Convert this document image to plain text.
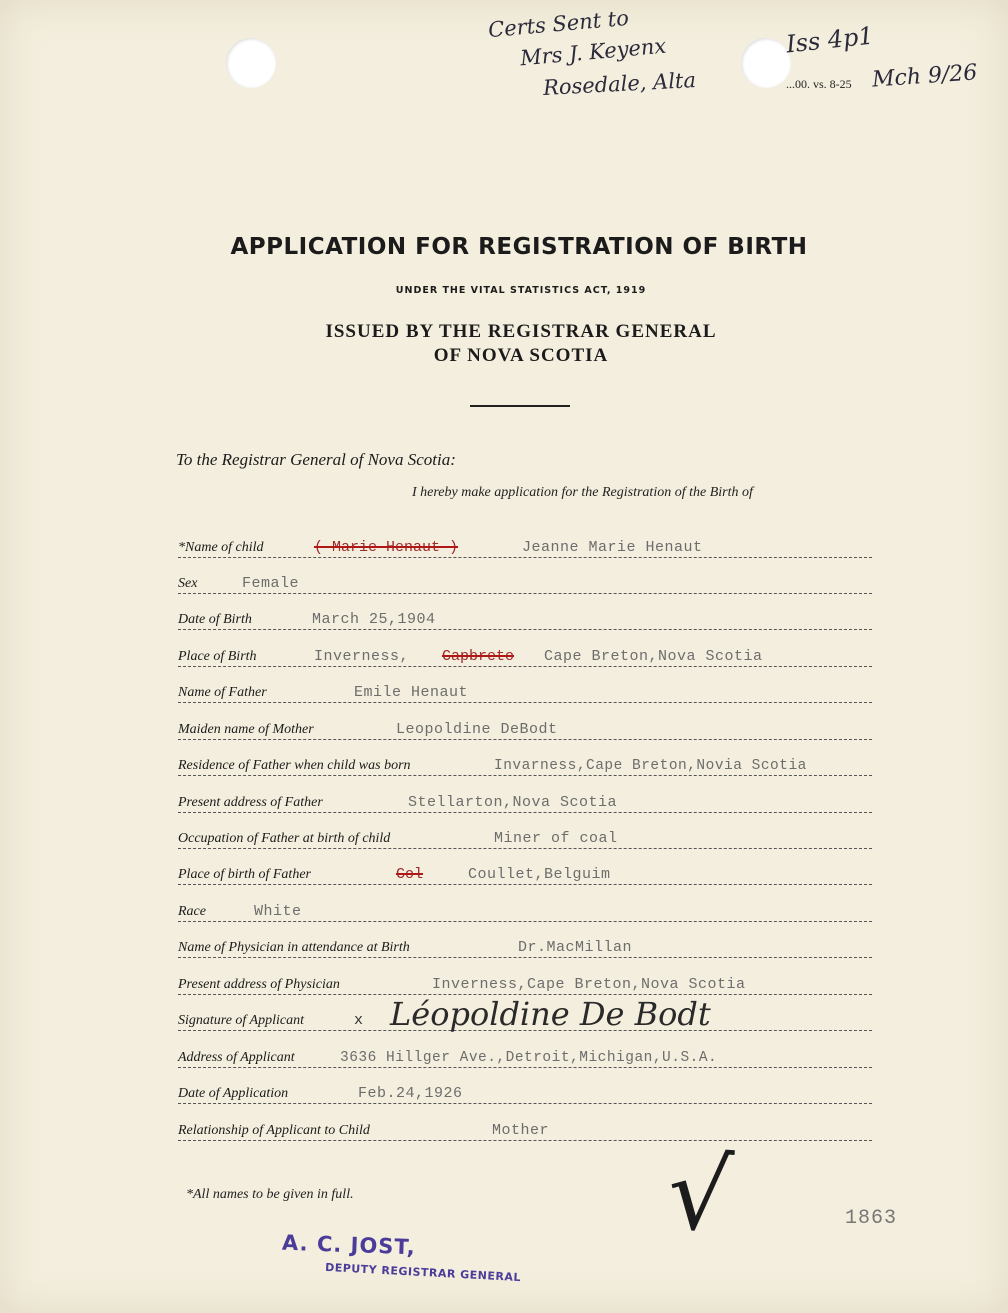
Certs Sent to
Mrs J. Keyenx
Rosedale, Alta
Iss 4p1
Mch 9/26
...00. vs. 8-25
APPLICATION FOR REGISTRATION OF BIRTH
UNDER THE VITAL STATISTICS ACT, 1919
ISSUED BY THE REGISTRAR GENERAL
OF NOVA SCOTIA
To the Registrar General of Nova Scotia:
I hereby make application for the Registration of the Birth of
*Name of child	( Marie Henaut )	Jeanne Marie Henaut
Sex	Female
Date of Birth	March 25,1904
Place of Birth	Inverness, Capbreto Cape Breton,Nova Scotia
Name of Father	Emile Henaut
Maiden name of Mother	Leopoldine DeBodt
Residence of Father when child was born	Invarness,Cape Breton,Novia Scotia
Present address of Father	Stellarton,Nova Scotia
Occupation of Father at birth of child	Miner of coal
Place of birth of Father	Col	Coullet,Belguim
Race	White
Name of Physician in attendance at Birth	Dr.MacMillan
Present address of Physician	Inverness,Cape Breton,Nova Scotia
Signature of Applicant	x Léopoldine De Bodt
Address of Applicant	3636 Hillger Ave.,Detroit,Michigan,U.S.A.
Date of Application	Feb.24,1926
Relationship of Applicant to Child	Mother
*All names to be given in full.	√	1863
A. C. JOST,
DEPUTY REGISTRAR GENERAL
